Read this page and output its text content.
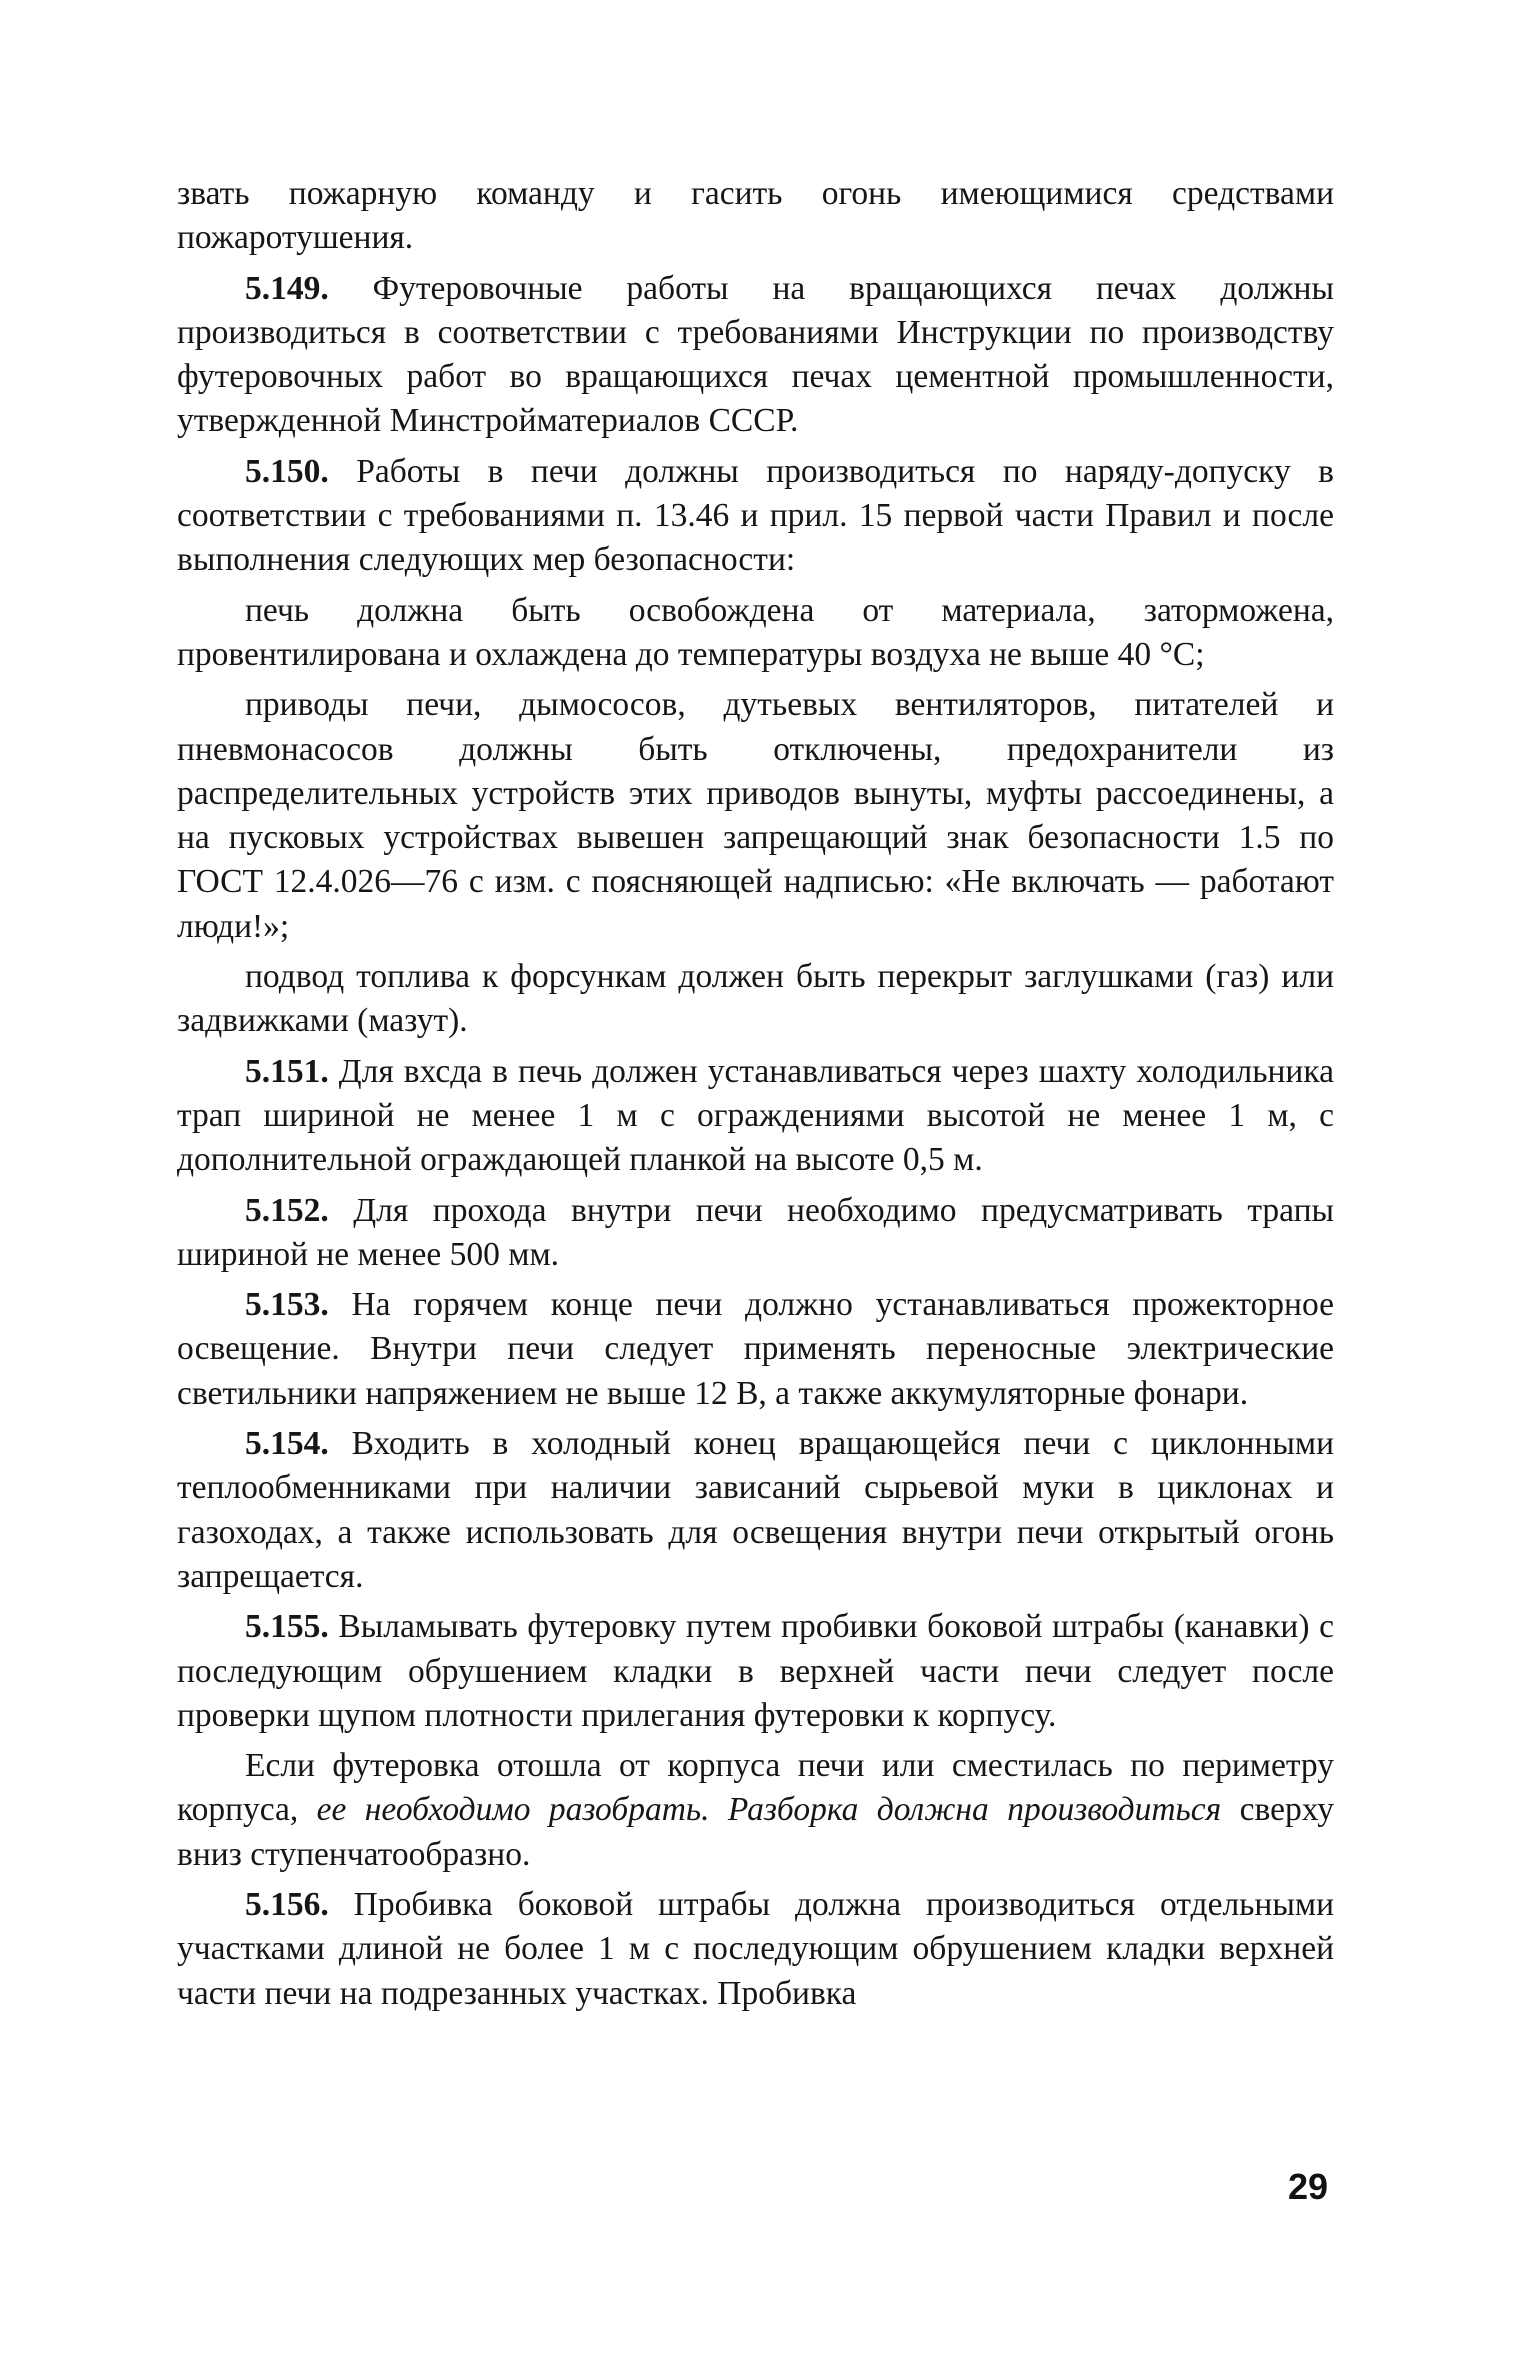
звать пожарную команду и гасить огонь имеющимися средствами пожаротушения.

5.149. Футеровочные работы на вращающихся печах должны производиться в соответствии с требованиями Инструкции по производству футеровочных работ во вращающихся печах цементной промышленности, утвержденной Минстройматериалов СССР.

5.150. Работы в печи должны производиться по наряду-допуску в соответствии с требованиями п. 13.46 и прил. 15 первой части Правил и после выполнения следующих мер безопасности:

печь должна быть освобождена от материала, заторможена, провентилирована и охлаждена до температуры воздуха не выше 40 °С;

приводы печи, дымососов, дутьевых вентиляторов, питателей и пневмонасосов должны быть отключены, предохранители из распределительных устройств этих приводов вынуты, муфты рассоединены, а на пусковых устройствах вывешен запрещающий знак безопасности 1.5 по ГОСТ 12.4.026—76 с изм. с поясняющей надписью: «Не включать — работают люди!»;

подвод топлива к форсункам должен быть перекрыт заглушками (газ) или задвижками (мазут).

5.151. Для вхсда в печь должен устанавливаться через шахту холодильника трап шириной не менее 1 м с ограждениями высотой не менее 1 м, с дополнительной ограждающей планкой на высоте 0,5 м.

5.152. Для прохода внутри печи необходимо предусматривать трапы шириной не менее 500 мм.

5.153. На горячем конце печи должно устанавливаться прожекторное освещение. Внутри печи следует применять переносные электрические светильники напряжением не выше 12 В, а также аккумуляторные фонари.

5.154. Входить в холодный конец вращающейся печи с циклонными теплообменниками при наличии зависаний сырьевой муки в циклонах и газоходах, а также использовать для освещения внутри печи открытый огонь запрещается.

5.155. Выламывать футеровку путем пробивки боковой штрабы (канавки) с последующим обрушением кладки в верхней части печи следует после проверки щупом плотности прилегания футеровки к корпусу.

Если футеровка отошла от корпуса печи или сместилась по периметру корпуса, ее необходимо разобрать. Разборка должна производиться сверху вниз ступенчатообразно.

5.156. Пробивка боковой штрабы должна производиться отдельными участками длиной не более 1 м с последующим обрушением кладки верхней части печи на подрезанных участках. Пробивка

29
